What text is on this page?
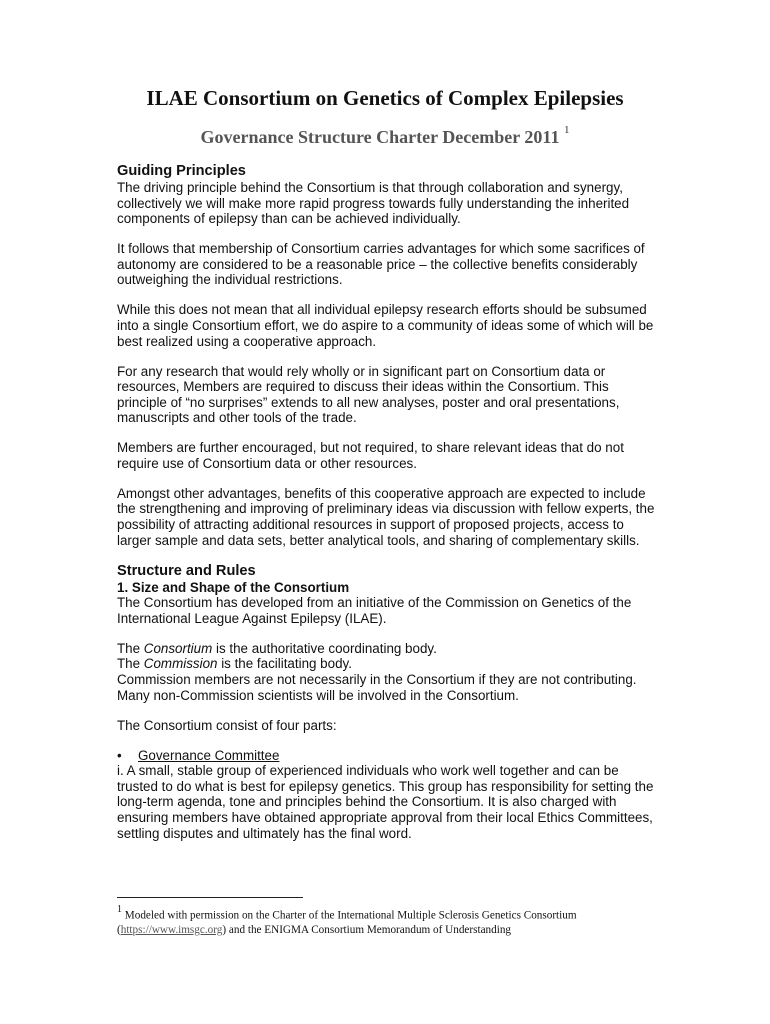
ILAE Consortium on Genetics of Complex Epilepsies
Governance Structure Charter December 2011 $^1$
Guiding Principles

The driving principle behind the Consortium is that through collaboration and synergy, collectively we will make more rapid progress towards fully understanding the inherited components of epilepsy than can be achieved individually.

It follows that membership of Consortium carries advantages for which some sacrifices of autonomy are considered to be a reasonable price – the collective benefits considerably outweighing the individual restrictions.

While this does not mean that all individual epilepsy research efforts should be subsumed into a single Consortium effort, we do aspire to a community of ideas some of which will be best realized using a cooperative approach.

For any research that would rely wholly or in significant part on Consortium data or resources, Members are required to discuss their ideas within the Consortium. This principle of “no surprises” extends to all new analyses, poster and oral presentations, manuscripts and other tools of the trade.

Members are further encouraged, but not required, to share relevant ideas that do not require use of Consortium data or other resources.

Amongst other advantages, benefits of this cooperative approach are expected to include the strengthening and improving of preliminary ideas via discussion with fellow experts, the possibility of attracting additional resources in support of proposed projects, access to larger sample and data sets, better analytical tools, and sharing of complementary skills.

Structure and Rules
1. Size and Shape of the Consortium

The Consortium has developed from an initiative of the Commission on Genetics of the International League Against Epilepsy (ILAE).

The Consortium is the authoritative coordinating body.
The Commission is the facilitating body.
Commission members are not necessarily in the Consortium if they are not contributing.
Many non-Commission scientists will be involved in the Consortium.

The Consortium consist of four parts:

• Governance Committee

i. A small, stable group of experienced individuals who work well together and can be trusted to do what is best for epilepsy genetics. This group has responsibility for setting the long-term agenda, tone and principles behind the Consortium. It is also charged with ensuring members have obtained appropriate approval from their local Ethics Committees, settling disputes and ultimately has the final word.

$^1$ Modeled with permission on the Charter of the International Multiple Sclerosis Genetics Consortium (https://www.imsgc.org) and the ENIGMA Consortium Memorandum of Understanding
